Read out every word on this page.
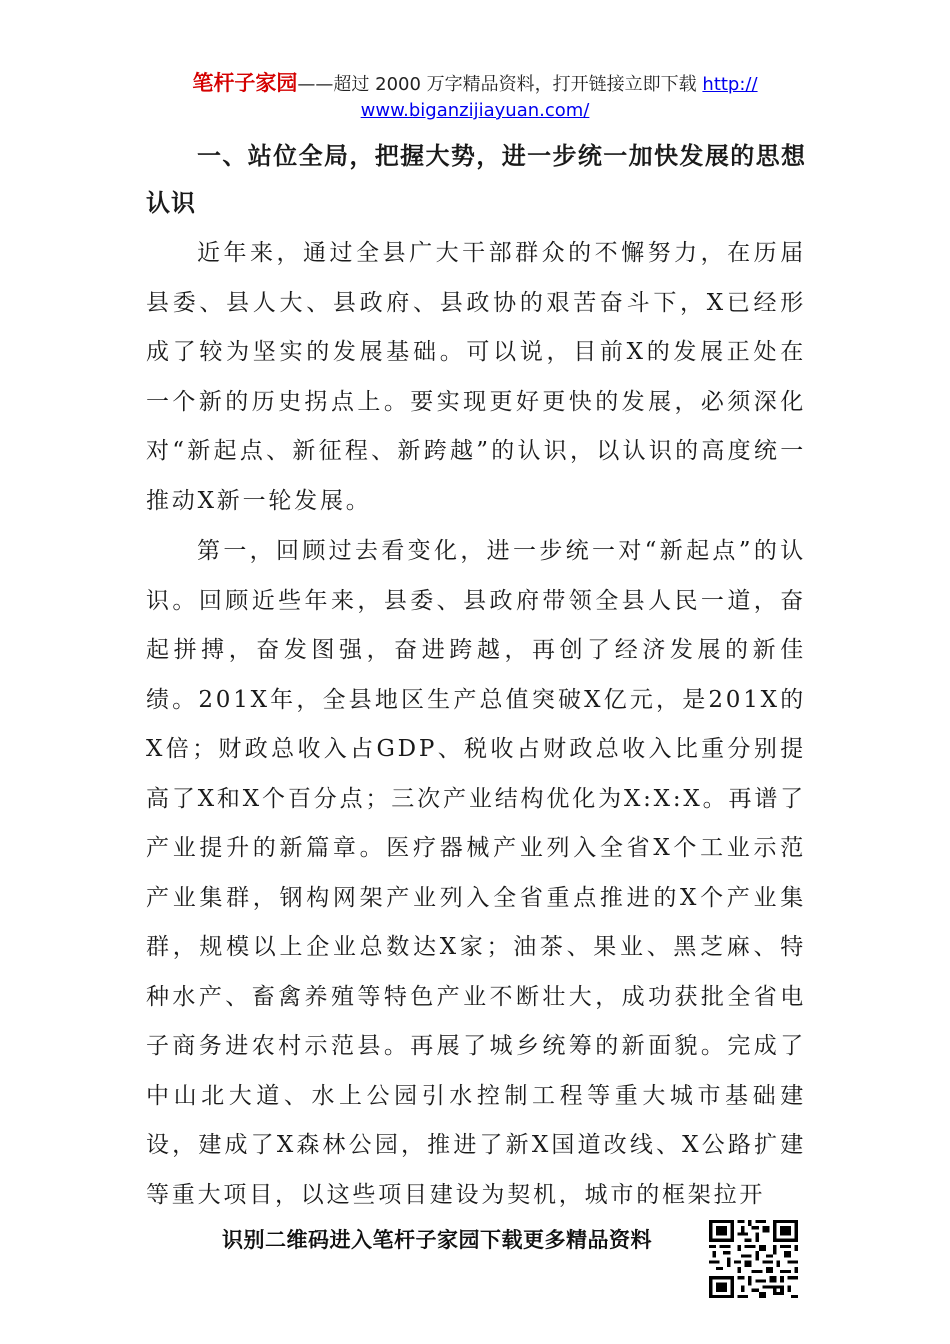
笔杆子家园——超过 2000 万字精品资料，打开链接立即下载 http://
www.biganzijiayuan.com/

一、站位全局，把握大势，进一步统一加快发展的思想认识

近年来，通过全县广大干部群众的不懈努力，在历届县委、县人大、县政府、县政协的艰苦奋斗下，X已经形成了较为坚实的发展基础。可以说，目前X的发展正处在一个新的历史拐点上。要实现更好更快的发展，必须深化对“新起点、新征程、新跨越”的认识，以认识的高度统一推动X新一轮发展。

第一，回顾过去看变化，进一步统一对“新起点”的认识。回顾近些年来，县委、县政府带领全县人民一道，奋起拼搏，奋发图强，奋进跨越，再创了经济发展的新佳绩。201X年，全县地区生产总值突破X亿元，是201X的X倍；财政总收入占GDP、税收占财政总收入比重分别提高了X和X个百分点；三次产业结构优化为X:X:X。再谱了产业提升的新篇章。医疗器械产业列入全省X个工业示范产业集群，钢构网架产业列入全省重点推进的X个产业集群，规模以上企业总数达X家；油茶、果业、黑芝麻、特种水产、畜禽养殖等特色产业不断壮大，成功获批全省电子商务进农村示范县。再展了城乡统筹的新面貌。完成了中山北大道、水上公园引水控制工程等重大城市基础建设，建成了X森林公园，推进了新X国道改线、X公路扩建等重大项目，以这些项目建设为契机，城市的框架拉开

识别二维码进入笔杆子家园下载更多精品资料
